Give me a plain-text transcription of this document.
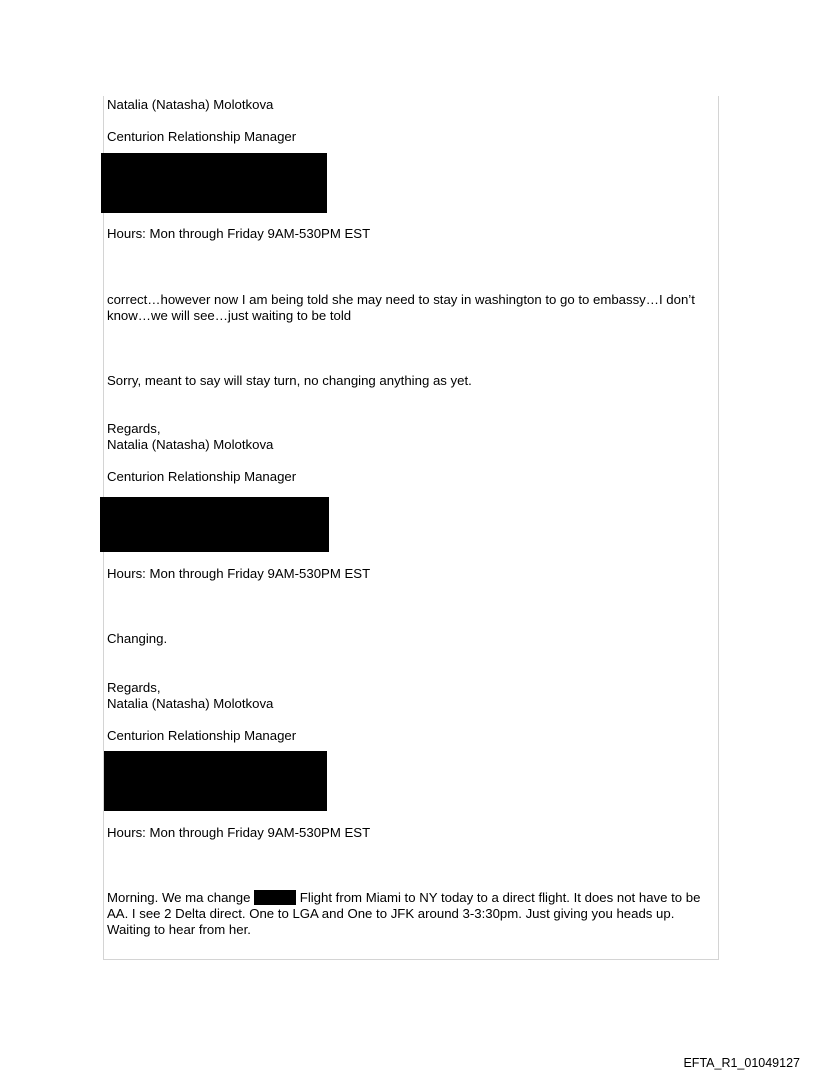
Natalia (Natasha) Molotkova
Centurion Relationship Manager
Hours: Mon through Friday 9AM-530PM EST
correct…however now I am being told she may need to stay in washington to go to embassy…I don’t know…we will see…just waiting to be told
Sorry, meant to say will stay turn, no changing anything as yet.
Regards,
Natalia (Natasha) Molotkova
Centurion Relationship Manager
Hours: Mon through Friday 9AM-530PM EST
Changing.
Regards,
Natalia (Natasha) Molotkova
Centurion Relationship Manager
Hours: Mon through Friday 9AM-530PM EST
Morning. We ma change	Flight from Miami to NY today to a direct flight. It does not have to be AA. I see 2 Delta direct. One to LGA and One to JFK around 3-3:30pm. Just giving you heads up. Waiting to hear from her.
EFTA_R1_01049127
